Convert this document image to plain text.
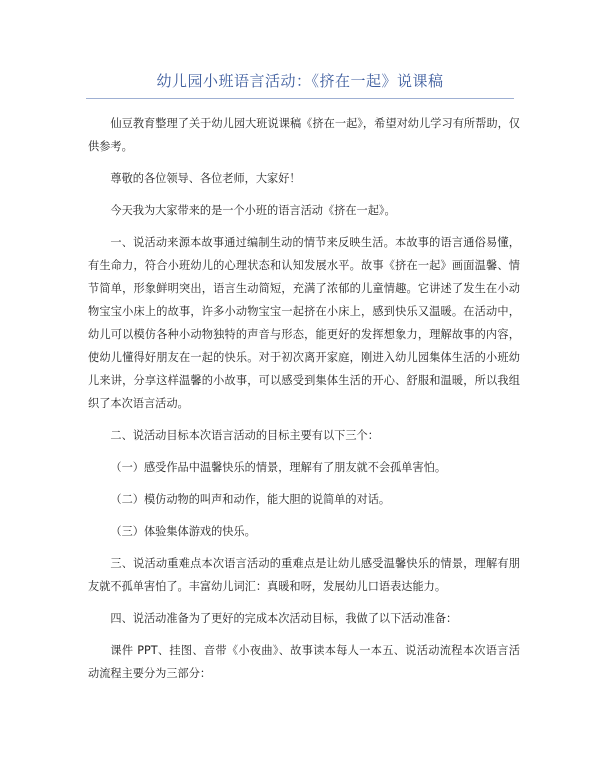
幼儿园小班语言活动：《挤在一起》说课稿

仙豆教育整理了关于幼儿园大班说课稿《挤在一起》，希望对幼儿学习有所帮助，仅供参考。

尊敬的各位领导、各位老师，大家好！

今天我为大家带来的是一个小班的语言活动《挤在一起》。

一、说活动来源本故事通过编制生动的情节来反映生活。本故事的语言通俗易懂，有生命力，符合小班幼儿的心理状态和认知发展水平。故事《挤在一起》画面温馨、情节简单，形象鲜明突出，语言生动简短，充满了浓郁的儿童情趣。它讲述了发生在小动物宝宝小床上的故事，许多小动物宝宝一起挤在小床上，感到快乐又温暖。在活动中，幼儿可以模仿各种小动物独特的声音与形态，能更好的发挥想象力，理解故事的内容，使幼儿懂得好朋友在一起的快乐。对于初次离开家庭，刚进入幼儿园集体生活的小班幼儿来讲，分享这样温馨的小故事，可以感受到集体生活的开心、舒服和温暖，所以我组织了本次语言活动。

二、说活动目标本次语言活动的目标主要有以下三个：

（一）感受作品中温馨快乐的情景，理解有了朋友就不会孤单害怕。

（二）模仿动物的叫声和动作，能大胆的说简单的对话。

（三）体验集体游戏的快乐。

三、说活动重难点本次语言活动的重难点是让幼儿感受温馨快乐的情景，理解有朋友就不孤单害怕了。丰富幼儿词汇：真暖和呀，发展幼儿口语表达能力。

四、说活动准备为了更好的完成本次活动目标，我做了以下活动准备：

课件 PPT、挂图、音带《小夜曲》、故事读本每人一本五、说活动流程本次语言活动流程主要分为三部分：
